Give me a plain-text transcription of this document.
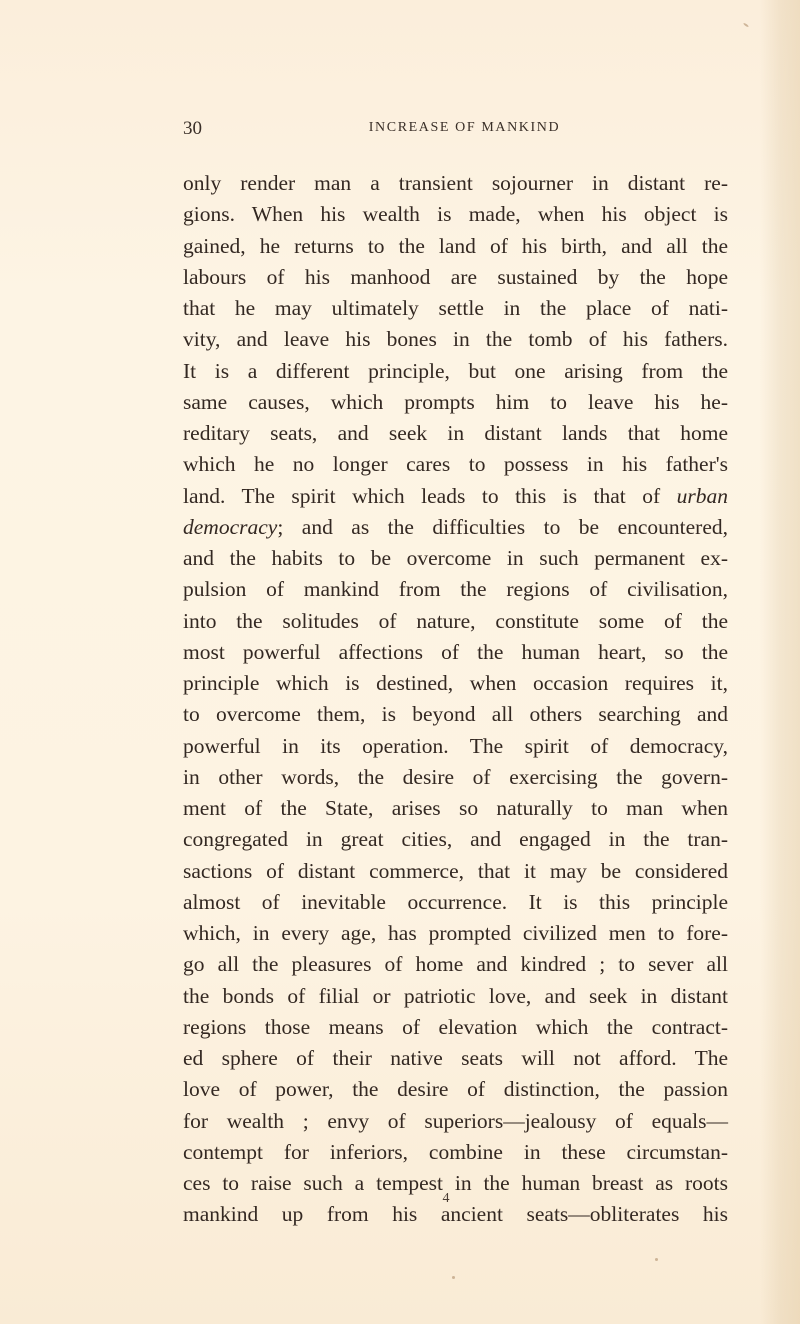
30	INCREASE OF MANKIND
only render man a transient sojourner in distant re-
gions. When his wealth is made, when his object is
gained, he returns to the land of his birth, and all the
labours of his manhood are sustained by the hope
that he may ultimately settle in the place of nati-
vity, and leave his bones in the tomb of his fathers.
It is a different principle, but one arising from the
same causes, which prompts him to leave his he-
reditary seats, and seek in distant lands that home
which he no longer cares to possess in his father's
land. The spirit which leads to this is that of urban
democracy; and as the difficulties to be encountered,
and the habits to be overcome in such permanent ex-
pulsion of mankind from the regions of civilisation,
into the solitudes of nature, constitute some of the
most powerful affections of the human heart, so the
principle which is destined, when occasion requires it,
to overcome them, is beyond all others searching and
powerful in its operation. The spirit of democracy,
in other words, the desire of exercising the govern-
ment of the State, arises so naturally to man when
congregated in great cities, and engaged in the tran-
sactions of distant commerce, that it may be considered
almost of inevitable occurrence. It is this principle
which, in every age, has prompted civilized men to fore-
go all the pleasures of home and kindred ; to sever all
the bonds of filial or patriotic love, and seek in distant
regions those means of elevation which the contract-
ed sphere of their native seats will not afford. The
love of power, the desire of distinction, the passion
for wealth ; envy of superiors—jealousy of equals—
contempt for inferiors, combine in these circumstan-
ces to raise such a tempest in the human breast as roots
mankind up from his ancient seats—obliterates his
4
